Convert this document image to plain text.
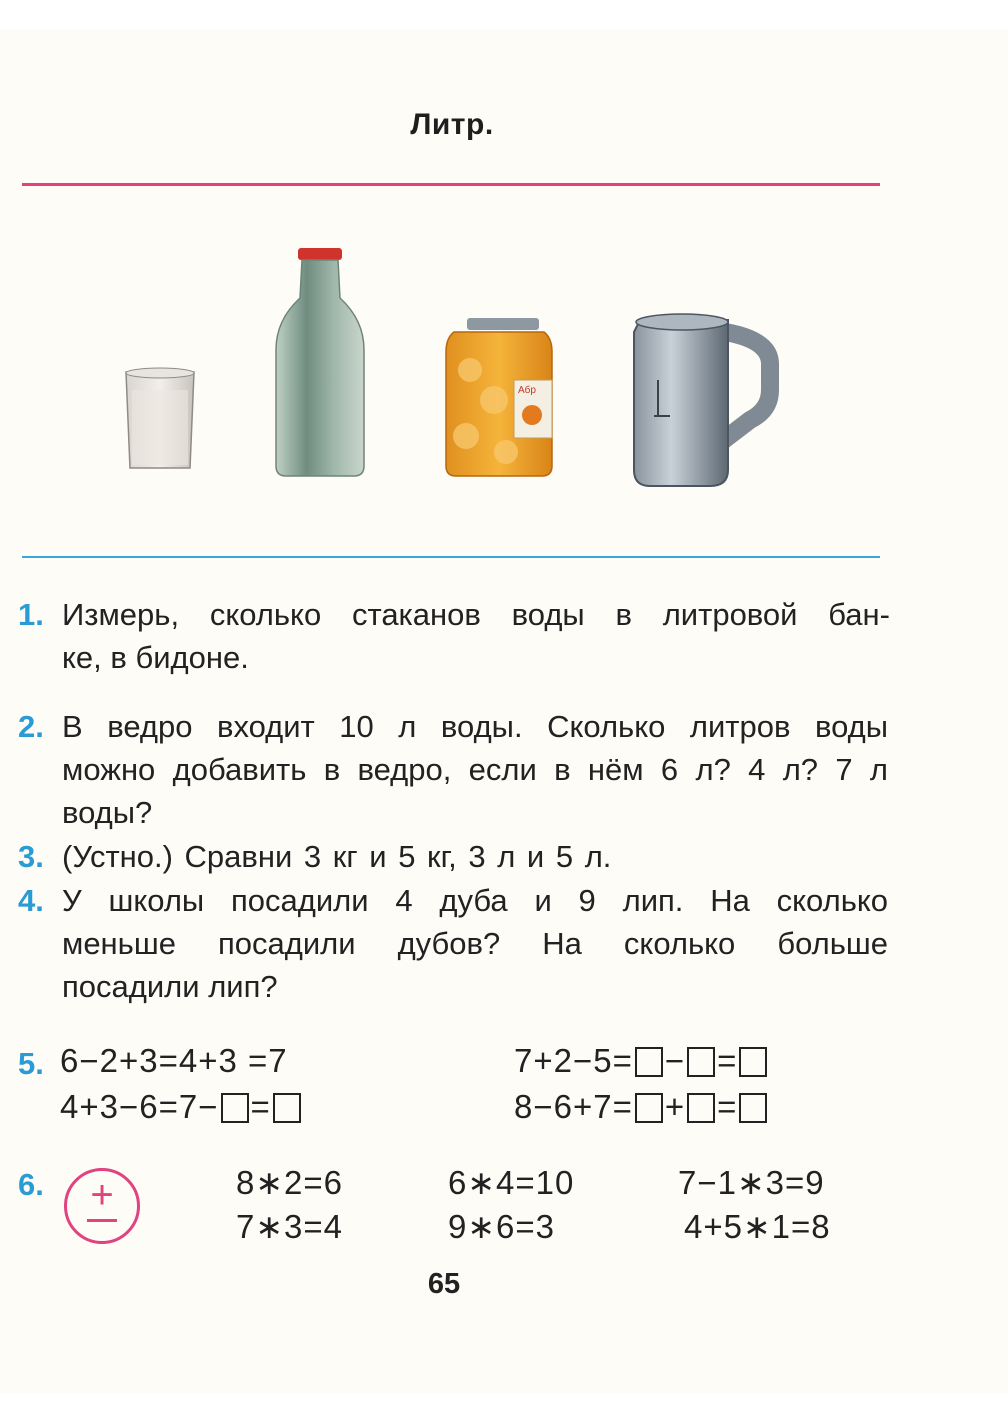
Литр.
Абр
1. Измерь, сколько стаканов воды в литровой бан-
ке, в бидоне.
2. В ведро входит 10 л воды. Сколько литров воды
можно добавить в ведро, если в нём 6 л? 4 л? 7 л
воды?
3. (Устно.) Сравни 3 кг и 5 кг, 3 л и 5 л.
4. У школы посадили 4 дуба и 9 лип. На сколько
меньше посадили дубов? На сколько больше
посадили лип?
5. 6−2+3=4+3 =7
4+3−6=7− =
7+2−5= − =
8−6+7= + =
6.	+	8∗2=6
7∗3=4
6∗4=10
9∗6=3
7−1∗3=9
4+5∗1=8
65
